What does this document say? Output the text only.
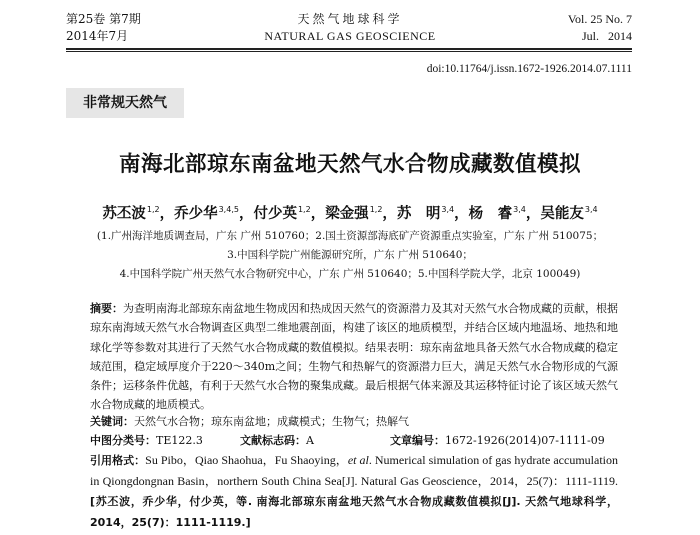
第25卷 第7期
2014年7月
天然气地球科学
NATURAL GAS GEOSCIENCE
Vol. 25 No. 7
Jul.   2014
doi:10.11764/j.issn.1672-1926.2014.07.1111
非常规天然气
南海北部琼东南盆地天然气水合物成藏数值模拟
苏丕波$^{1,2}$，乔少华$^{3,4,5}$，付少英$^{1,2}$，梁金强$^{1,2}$，苏　明$^{3,4}$，杨　睿$^{3,4}$，吴能友$^{3,4}$
(1.广州海洋地质调查局，广东 广州 510760；2.国土资源部海底矿产资源重点实验室，广东 广州 510075；
3.中国科学院广州能源研究所，广东 广州 510640；
4.中国科学院广州天然气水合物研究中心，广东 广州 510640；5.中国科学院大学，北京 100049)
摘要：为查明南海北部琼东南盆地生物成因和热成因天然气的资源潜力及其对天然气水合物成藏的贡献，根据琼东南海域天然气水合物调查区典型二维地震剖面，构建了该区的地质模型，并结合区域内地温场、地热和地球化学等参数对其进行了天然气水合物成藏的数值模拟。结果表明：琼东南盆地具备天然气水合物成藏的稳定域范围，稳定域厚度介于220～340m之间；生物气和热解气的资源潜力巨大，满足天然气水合物形成的气源条件；运移条件优越，有利于天然气水合物的聚集成藏。最后根据气体来源及其运移特征讨论了该区域天然气水合物成藏的地质模式。
关键词：天然气水合物；琼东南盆地；成藏模式；生物气；热解气
中图分类号：TE122.3	文献标志码：A	文章编号：1672-1926(2014)07-1111-09
引用格式：Su Pibo，Qiao Shaohua，Fu Shaoying，et al. Numerical simulation of gas hydrate accumulation in Qiongdongnan Basin，northern South China Sea[J]. Natural Gas Geoscience，2014，25(7)：1111-1119.[苏丕波，乔少华，付少英，等. 南海北部琼东南盆地天然气水合物成藏数值模拟[J]. 天然气地球科学，2014，25(7)：1111-1119.]
